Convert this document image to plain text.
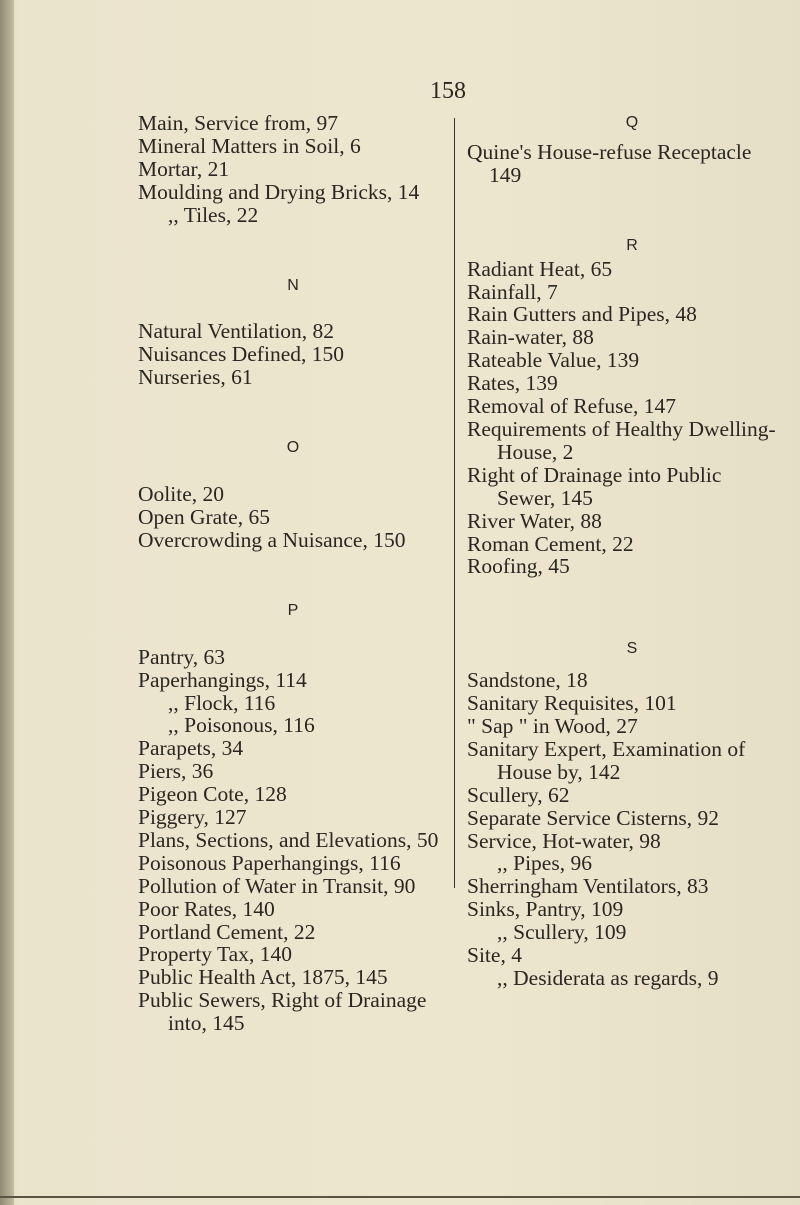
158
Main, Service from, 97
Mineral Matters in Soil, 6
Mortar, 21
Moulding and Drying Bricks, 14
,, Tiles, 22
N
Natural Ventilation, 82
Nuisances Defined, 150
Nurseries, 61
O
Oolite, 20
Open Grate, 65
Overcrowding a Nuisance, 150
P
Pantry, 63
Paperhangings, 114
,, Flock, 116
,, Poisonous, 116
Parapets, 34
Piers, 36
Pigeon Cote, 128
Piggery, 127
Plans, Sections, and Elevations, 50
Poisonous Paperhangings, 116
Pollution of Water in Transit, 90
Poor Rates, 140
Portland Cement, 22
Property Tax, 140
Public Health Act, 1875, 145
Public Sewers, Right of Drainage
into, 145
Q
Quine's House-refuse Receptacle
149
R
Radiant Heat, 65
Rainfall, 7
Rain Gutters and Pipes, 48
Rain-water, 88
Rateable Value, 139
Rates, 139
Removal of Refuse, 147
Requirements of Healthy Dwelling-
House, 2
Right of Drainage into Public
Sewer, 145
River Water, 88
Roman Cement, 22
Roofing, 45
S
Sandstone, 18
Sanitary Requisites, 101
" Sap " in Wood, 27
Sanitary Expert, Examination of
House by, 142
Scullery, 62
Separate Service Cisterns, 92
Service, Hot-water, 98
,, Pipes, 96
Sherringham Ventilators, 83
Sinks, Pantry, 109
,, Scullery, 109
Site, 4
,, Desiderata as regards, 9
